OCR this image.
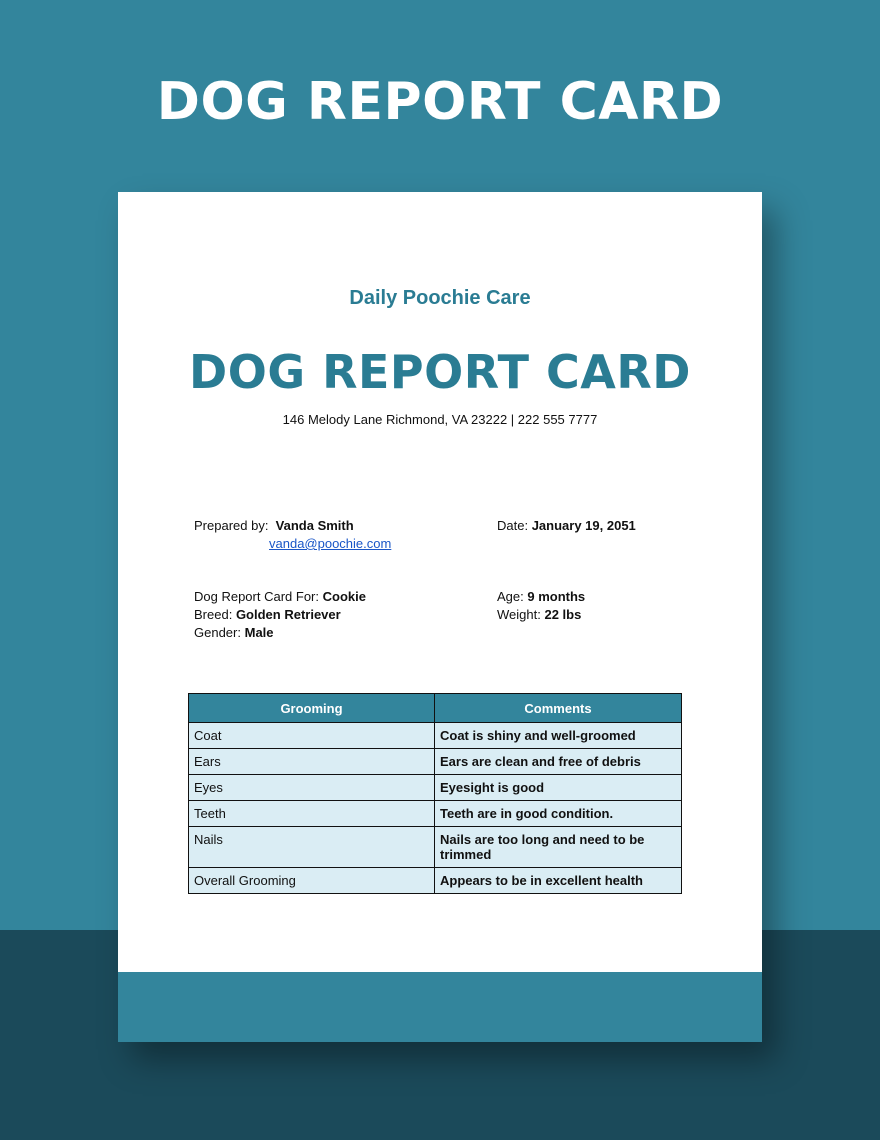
DOG REPORT CARD
Daily Poochie Care
DOG REPORT CARD
146 Melody Lane Richmond, VA 23222 | 222 555 7777
Prepared by: Vanda Smith
vanda@poochie.com
Date: January 19, 2051
Dog Report Card For: Cookie
Breed: Golden Retriever
Gender: Male
Age: 9 months
Weight: 22 lbs
Grooming	Comments
Coat	Coat is shiny and well-groomed
Ears	Ears are clean and free of debris
Eyes	Eyesight is good
Teeth	Teeth are in good condition.
Nails	Nails are too long and need to be trimmed
Overall Grooming	Appears to be in excellent health
